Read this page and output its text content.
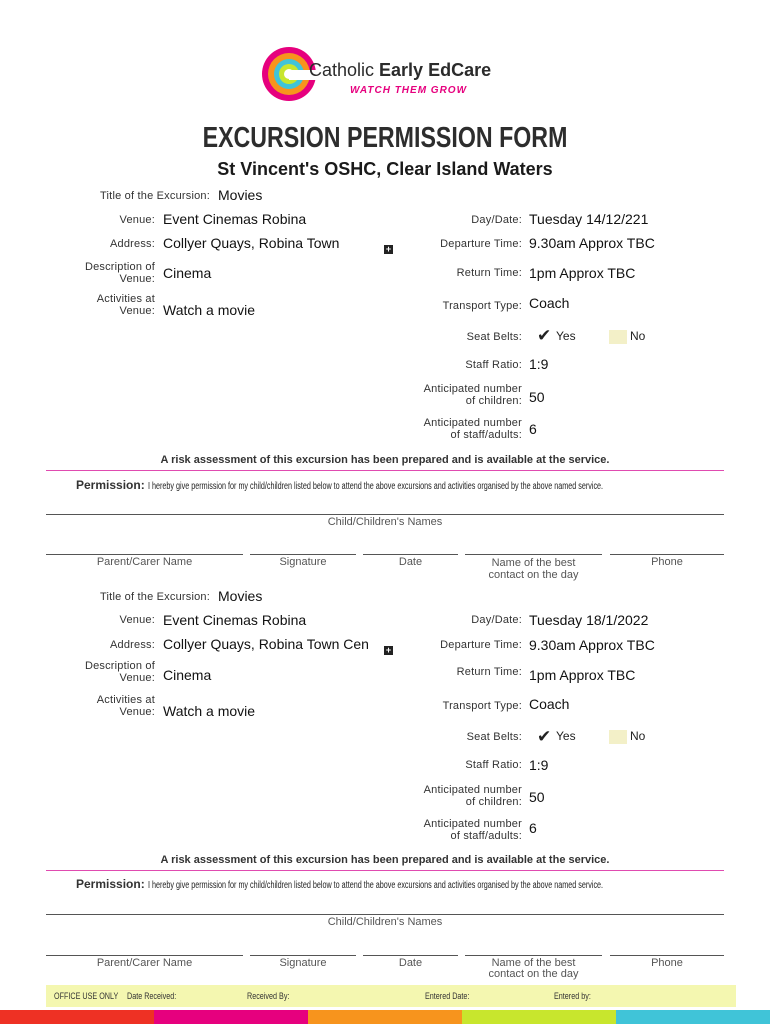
Catholic Early EdCare
WATCH THEM GROW
EXCURSION PERMISSION FORM
St Vincent's OSHC, Clear Island Waters
Title of the Excursion: Movies
Venue: Event Cinemas Robina
Address: Collyer Quays, Robina Town	+
Description of
Venue: Cinema
Activities at
Venue: Watch a movie
Day/Date: Tuesday 14/12/221
Departure Time: 9.30am Approx TBC
Return Time: 1pm Approx TBC
Transport Type: Coach
Seat Belts: ✔ Yes	No
Staff Ratio: 1:9
Anticipated number
of children: 50
Anticipated number
of staff/adults: 6
A risk assessment of this excursion has been prepared and is available at the service.
Permission: I hereby give permission for my child/children listed below to attend the above excursions and activities organised by the above named service.
Child/Children's Names
Parent/Carer Name	Signature	Date	Name of the best
contact on the day
Phone
Title of the Excursion: Movies
Venue: Event Cinemas Robina
Address: Collyer Quays, Robina Town Cen +
Description of
Venue: Cinema
Activities at
Venue: Watch a movie
Day/Date: Tuesday 18/1/2022
Departure Time: 9.30am Approx TBC
Return Time: 1pm Approx TBC
Transport Type: Coach
Seat Belts: ✔ Yes	No
Staff Ratio: 1:9
Anticipated number
of children: 50
Anticipated number
of staff/adults: 6
A risk assessment of this excursion has been prepared and is available at the service.
Permission: I hereby give permission for my child/children listed below to attend the above excursions and activities organised by the above named service.
Child/Children's Names
Parent/Carer Name	Signature	Date	Name of the best
contact on the day
Phone
OFFICE USE ONLY Date Received:	Received By:	Entered Date:	Entered by:
